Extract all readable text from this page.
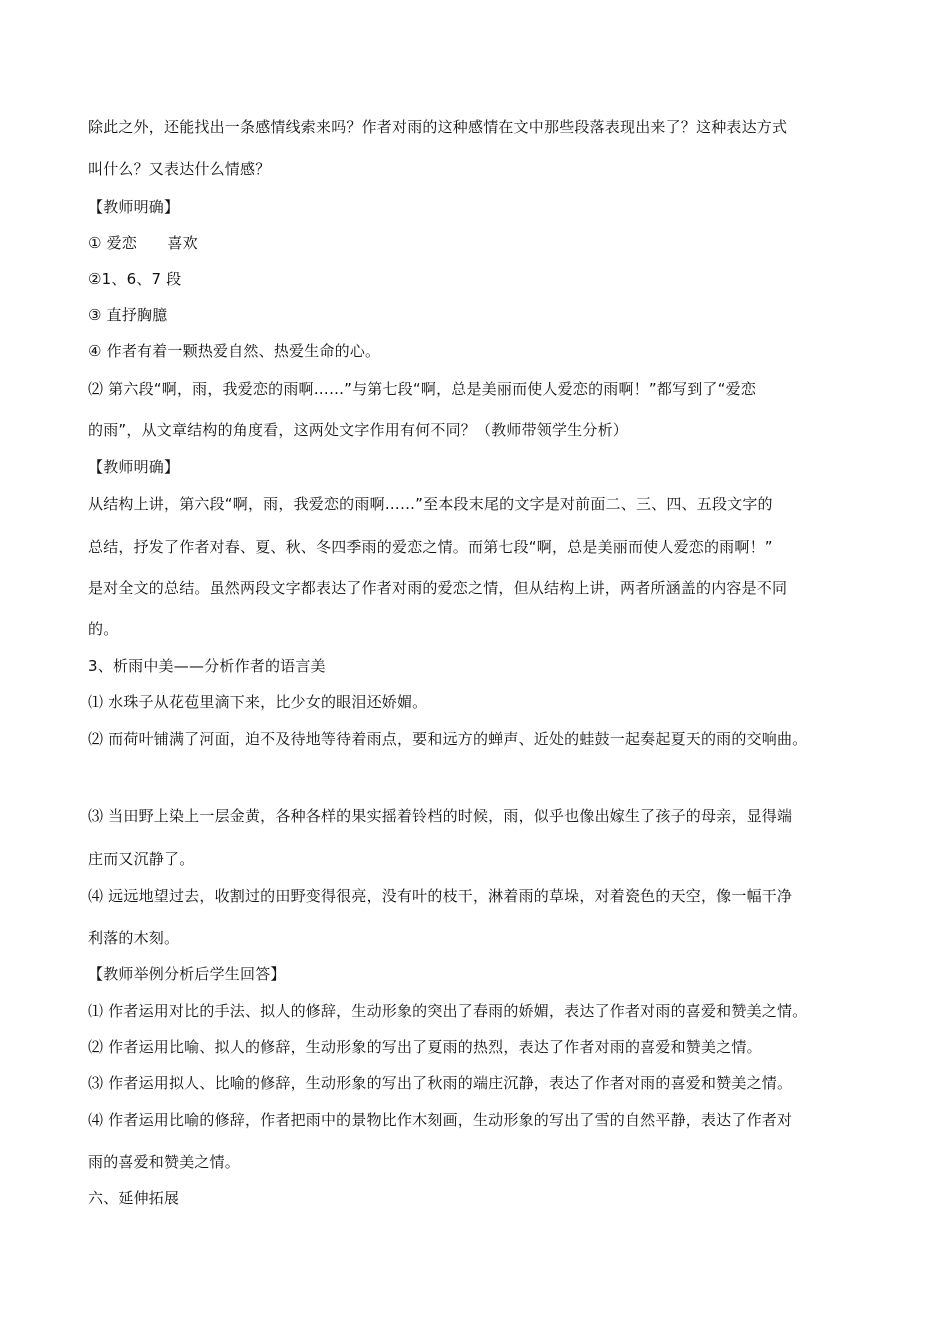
除此之外，还能找出一条感情线索来吗？作者对雨的这种感情在文中那些段落表现出来了？这种表达方式

叫什么？又表达什么情感？

【教师明确】

① 爱恋　　喜欢

②1、6、7 段

③ 直抒胸臆

④ 作者有着一颗热爱自然、热爱生命的心。

⑵ 第六段“啊，雨，我爱恋的雨啊……”与第七段“啊，总是美丽而使人爱恋的雨啊！”都写到了“爱恋

的雨”，从文章结构的角度看，这两处文字作用有何不同？（教师带领学生分析）

【教师明确】

从结构上讲，第六段“啊，雨，我爱恋的雨啊……”至本段末尾的文字是对前面二、三、四、五段文字的

总结，抒发了作者对春、夏、秋、冬四季雨的爱恋之情。而第七段“啊，总是美丽而使人爱恋的雨啊！”

是对全文的总结。虽然两段文字都表达了作者对雨的爱恋之情，但从结构上讲，两者所涵盖的内容是不同

的。

3、析雨中美——分析作者的语言美

⑴ 水珠子从花苞里滴下来，比少女的眼泪还娇媚。

⑵ 而荷叶铺满了河面，迫不及待地等待着雨点，要和远方的蝉声、近处的蛙鼓一起奏起夏天的雨的交响曲。

⑶ 当田野上染上一层金黄，各种各样的果实摇着铃档的时候，雨，似乎也像出嫁生了孩子的母亲，显得端

庄而又沉静了。

⑷ 远远地望过去，收割过的田野变得很亮，没有叶的枝干，淋着雨的草垛，对着瓷色的天空，像一幅干净

利落的木刻。

【教师举例分析后学生回答】

⑴ 作者运用对比的手法、拟人的修辞，生动形象的突出了春雨的娇媚，表达了作者对雨的喜爱和赞美之情。

⑵ 作者运用比喻、拟人的修辞，生动形象的写出了夏雨的热烈，表达了作者对雨的喜爱和赞美之情。

⑶ 作者运用拟人、比喻的修辞，生动形象的写出了秋雨的端庄沉静，表达了作者对雨的喜爱和赞美之情。

⑷ 作者运用比喻的修辞，作者把雨中的景物比作木刻画，生动形象的写出了雪的自然平静，表达了作者对

雨的喜爱和赞美之情。

六、延伸拓展
